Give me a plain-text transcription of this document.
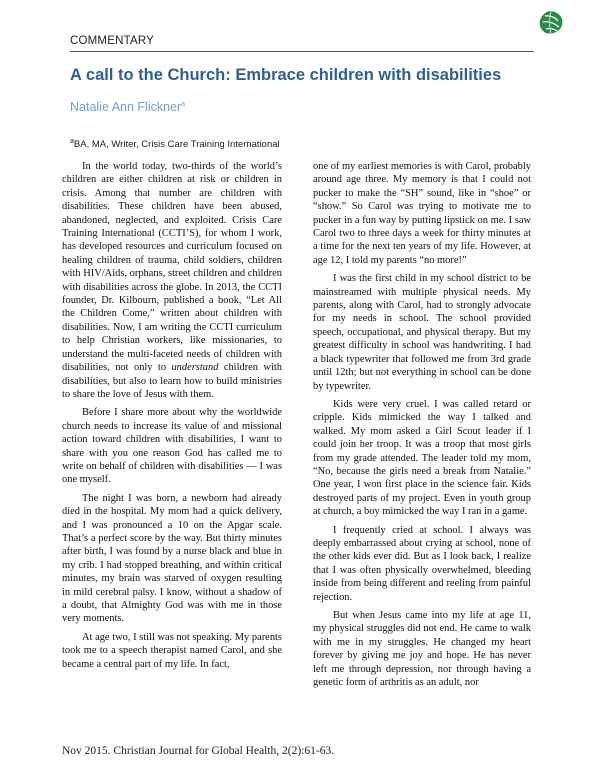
COMMENTARY
A call to the Church: Embrace children with disabilities
Natalie Ann Flickner$^a$
$^a$BA, MA, Writer, Crisis Care Training International

In the world today, two-thirds of the world’s children are either children at risk or children in crisis. Among that number are children with disabilities. These children have been abused, abandoned, neglected, and exploited. Crisis Care Training International (CCTI’S), for whom I work, has developed resources and curriculum focused on healing children of trauma, child soldiers, children with HIV/Aids, orphans, street children and children with disabilities across the globe. In 2013, the CCTI founder, Dr. Kilbourn, published a book, “Let All the Children Come,” written about children with disabilities. Now, I am writing the CCTI curriculum to help Christian workers, like missionaries, to understand the multi-faceted needs of children with disabilities, not only to understand children with disabilities, but also to learn how to build ministries to share the love of Jesus with them.

Before I share more about why the worldwide church needs to increase its value of and missional action toward children with disabilities, I want to share with you one reason God has called me to write on behalf of children with disabilities — I was one myself.

The night I was born, a newborn had already died in the hospital. My mom had a quick delivery, and I was pronounced a 10 on the Apgar scale. That’s a perfect score by the way. But thirty minutes after birth, I was found by a nurse black and blue in my crib. I had stopped breathing, and within critical minutes, my brain was starved of oxygen resulting in mild cerebral palsy. I know, without a shadow of a doubt, that Almighty God was with me in those very moments.

At age two, I still was not speaking. My parents took me to a speech therapist named Carol, and she became a central part of my life. In fact,

one of my earliest memories is with Carol, probably around age three. My memory is that I could not pucker to make the “SH” sound, like in “shoe” or “show.” So Carol was trying to motivate me to pucker in a fun way by putting lipstick on me. I saw Carol two to three days a week for thirty minutes at a time for the next ten years of my life. However, at age 12, I told my parents “no more!”

I was the first child in my school district to be mainstreamed with multiple physical needs. My parents, along with Carol, had to strongly advocate for my needs in school. The school provided speech, occupational, and physical therapy. But my greatest difficulty in school was handwriting. I had a black typewriter that followed me from 3rd grade until 12th; but not everything in school can be done by typewriter.

Kids were very cruel. I was called retard or cripple. Kids mimicked the way I talked and walked. My mom asked a Girl Scout leader if I could join her troop. It was a troop that most girls from my grade attended. The leader told my mom, “No, because the girls need a break from Natalie.” One year, I won first place in the science fair. Kids destroyed parts of my project. Even in youth group at church, a boy mimicked the way I ran in a game.

I frequently cried at school. I always was deeply embarrassed about crying at school, none of the other kids ever did. But as I look back, I realize that I was often physically overwhelmed, bleeding inside from being different and reeling from painful rejection.

But when Jesus came into my life at age 11, my physical struggles did not end. He came to walk with me in my struggles. He changed my heart forever by giving me joy and hope. He has never left me through depression, nor through having a genetic form of arthritis as an adult, nor

Nov 2015. Christian Journal for Global Health, 2(2):61-63.
